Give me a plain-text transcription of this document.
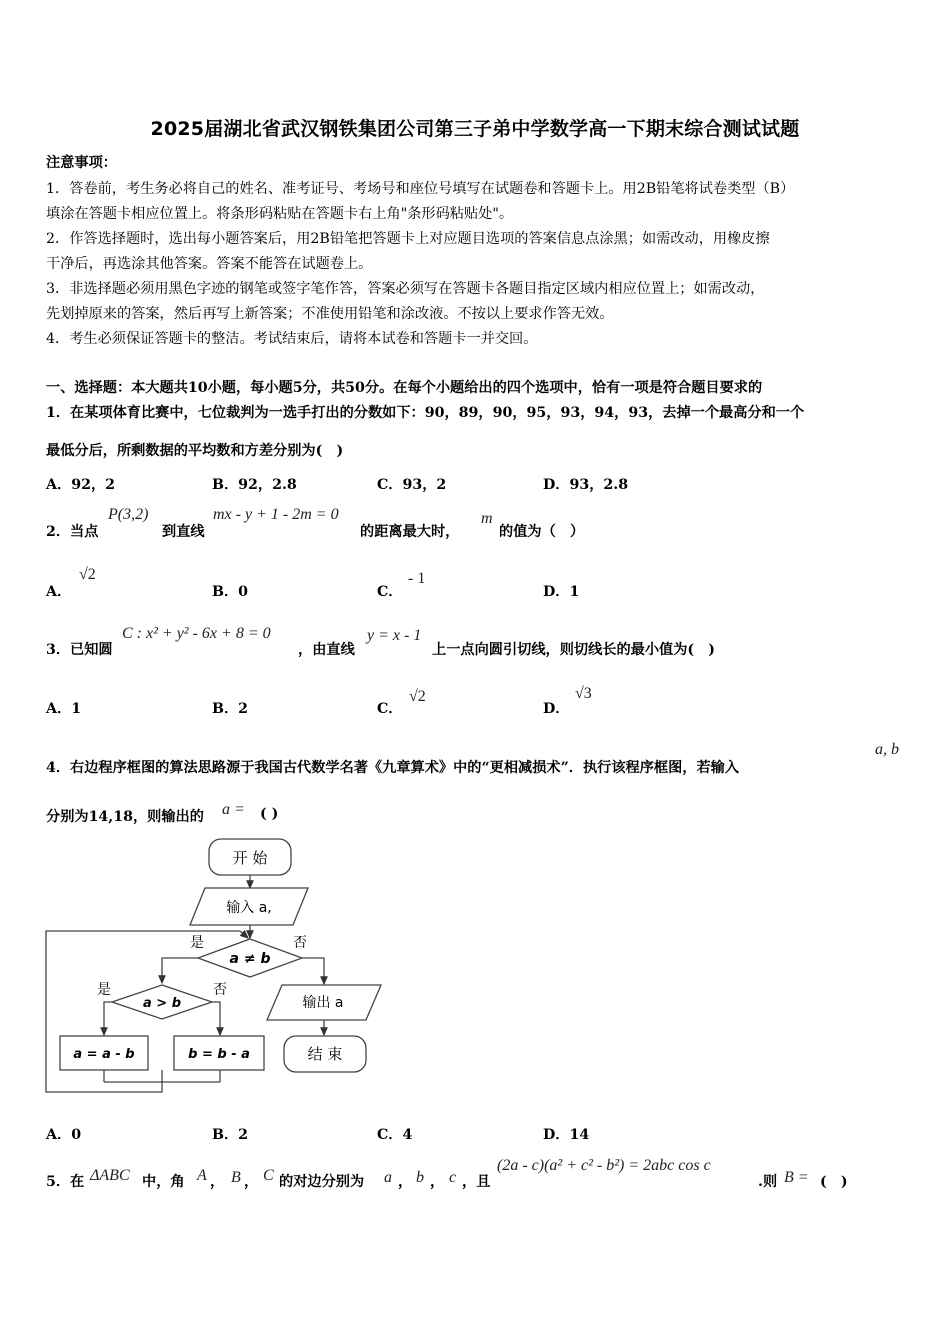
2025届湖北省武汉钢铁集团公司第三子弟中学数学高一下期末综合测试试题
注意事项：
1．答卷前，考生务必将自己的姓名、准考证号、考场号和座位号填写在试题卷和答题卡上。用2B铅笔将试卷类型（B）
填涂在答题卡相应位置上。将条形码粘贴在答题卡右上角"条形码粘贴处"。
2．作答选择题时，选出每小题答案后，用2B铅笔把答题卡上对应题目选项的答案信息点涂黑；如需改动，用橡皮擦
干净后，再选涂其他答案。答案不能答在试题卷上。
3．非选择题必须用黑色字迹的钢笔或签字笔作答，答案必须写在答题卡各题目指定区域内相应位置上；如需改动，
先划掉原来的答案，然后再写上新答案；不准使用铅笔和涂改液。不按以上要求作答无效。
4．考生必须保证答题卡的整洁。考试结束后，请将本试卷和答题卡一并交回。
一、选择题：本大题共10小题，每小题5分，共50分。在每个小题给出的四个选项中，恰有一项是符合题目要求的
1．在某项体育比赛中，七位裁判为一选手打出的分数如下：90，89，90，95，93，94，93，去掉一个最高分和一个
最低分后，所剩数据的平均数和方差分别为(　)
A．92，2	B．92，2.8	C．93，2	D．93，2.8
2．当点
P(3,2)
到直线
mx - y + 1 - 2m = 0
的距离最大时，
m
的值为（　）
A．
√2
B．0	C．
- 1
D．1
3．已知圆
C : x² + y² - 6x + 8 = 0
，由直线
y = x - 1
上一点向圆引切线，则切线长的最小值为(　)
A．1	B．2	C．
√2
D．
√3
4．右边程序框图的算法思路源于我国古代数学名著《九章算术》中的“更相减损术”．执行该程序框图，若输入
a, b
分别为14,18，则输出的 a = ( )
开 始
输入 a,
a ≠ b
是	否
a > b
是	否
a = a - b	b = b - a
输出 a
结 束
A．0	B．2	C．4	D．14
5．在 ΔABC 中，角 A ， B ， C 的对边分别为 a ， b ， c ，且
(2a - c)(a² + c² - b²) = 2abc cos c
.则 B = (　)
